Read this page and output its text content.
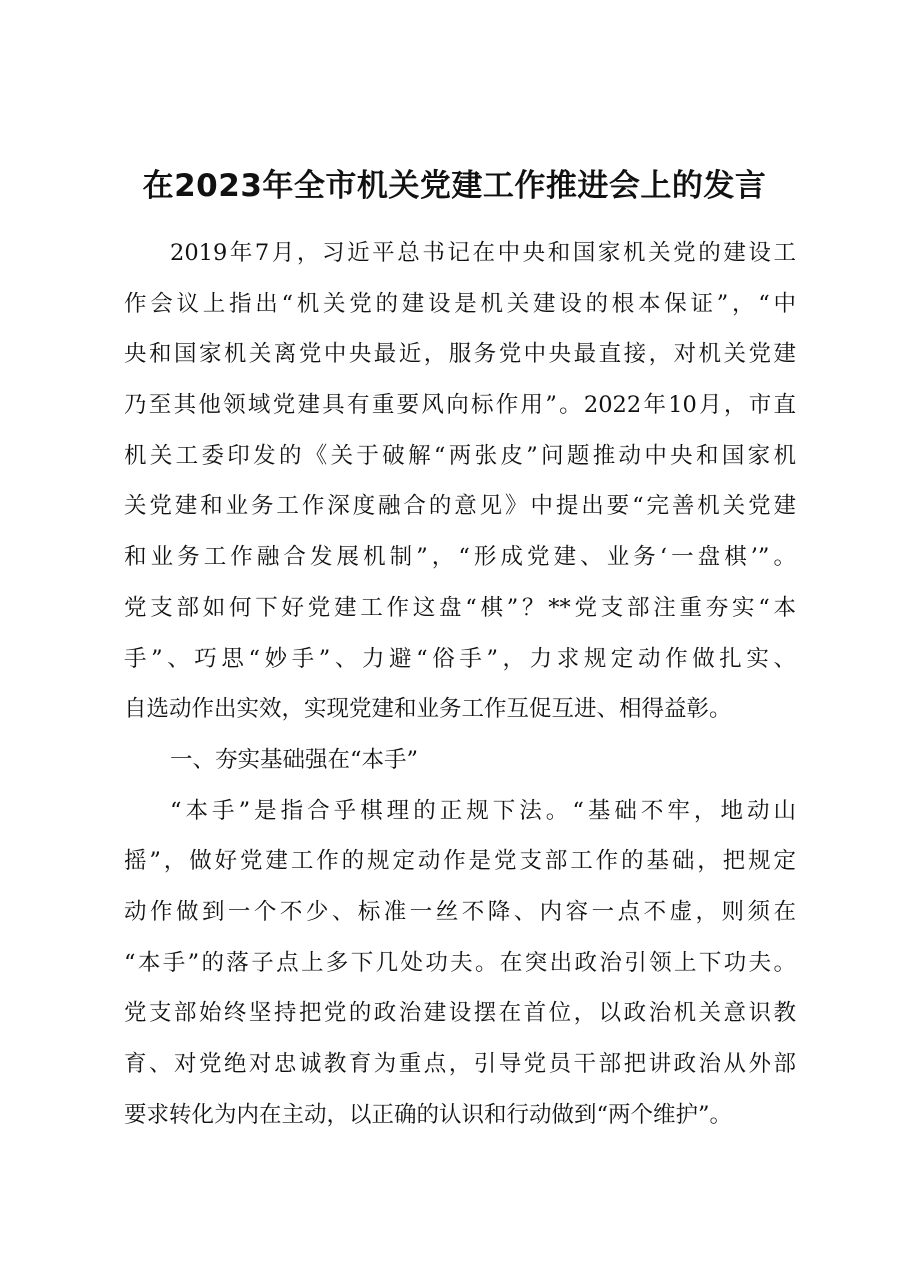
在2023年全市机关党建工作推进会上的发言
2019年7月，习近平总书记在中央和国家机关党的建设工
作会议上指出“机关党的建设是机关建设的根本保证”，“中
央和国家机关离党中央最近，服务党中央最直接，对机关党建
乃至其他领域党建具有重要风向标作用”。2022年10月，市直
机关工委印发的《关于破解“两张皮”问题推动中央和国家机
关党建和业务工作深度融合的意见》中提出要“完善机关党建
和业务工作融合发展机制”，“形成党建、业务‘一盘棋’”。
党支部如何下好党建工作这盘“棋”？**党支部注重夯实“本
手”、巧思“妙手”、力避“俗手”，力求规定动作做扎实、
自选动作出实效，实现党建和业务工作互促互进、相得益彰。
一、夯实基础强在“本手”
“本手”是指合乎棋理的正规下法。“基础不牢，地动山
摇”，做好党建工作的规定动作是党支部工作的基础，把规定
动作做到一个不少、标准一丝不降、内容一点不虚，则须在
“本手”的落子点上多下几处功夫。在突出政治引领上下功夫。
党支部始终坚持把党的政治建设摆在首位，以政治机关意识教
育、对党绝对忠诚教育为重点，引导党员干部把讲政治从外部
要求转化为内在主动，以正确的认识和行动做到“两个维护”。
